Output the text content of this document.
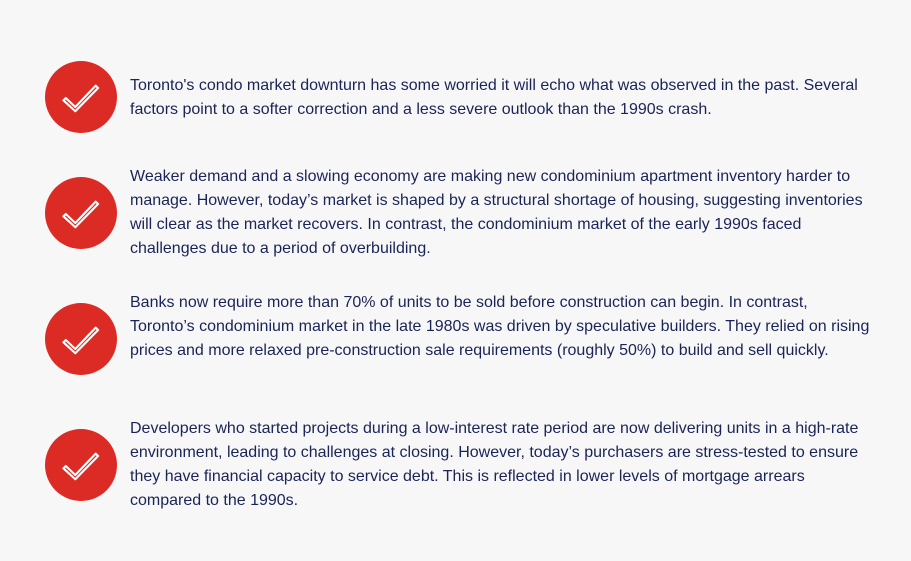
Toronto's condo market downturn has some worried it will echo what was observed in the past. Several factors point to a softer correction and a less severe outlook than the 1990s crash.

Weaker demand and a slowing economy are making new condominium apartment inventory harder to manage. However, today’s market is shaped by a structural shortage of housing, suggesting inventories will clear as the market recovers. In contrast, the condominium market of the early 1990s faced challenges due to a period of overbuilding.

Banks now require more than 70% of units to be sold before construction can begin. In contrast, Toronto’s condominium market in the late 1980s was driven by speculative builders. They relied on rising prices and more relaxed pre-construction sale requirements (roughly 50%) to build and sell quickly.

Developers who started projects during a low-interest rate period are now delivering units in a high-rate environment, leading to challenges at closing. However, today’s purchasers are stress-tested to ensure they have financial capacity to service debt. This is reflected in lower levels of mortgage arrears compared to the 1990s.
